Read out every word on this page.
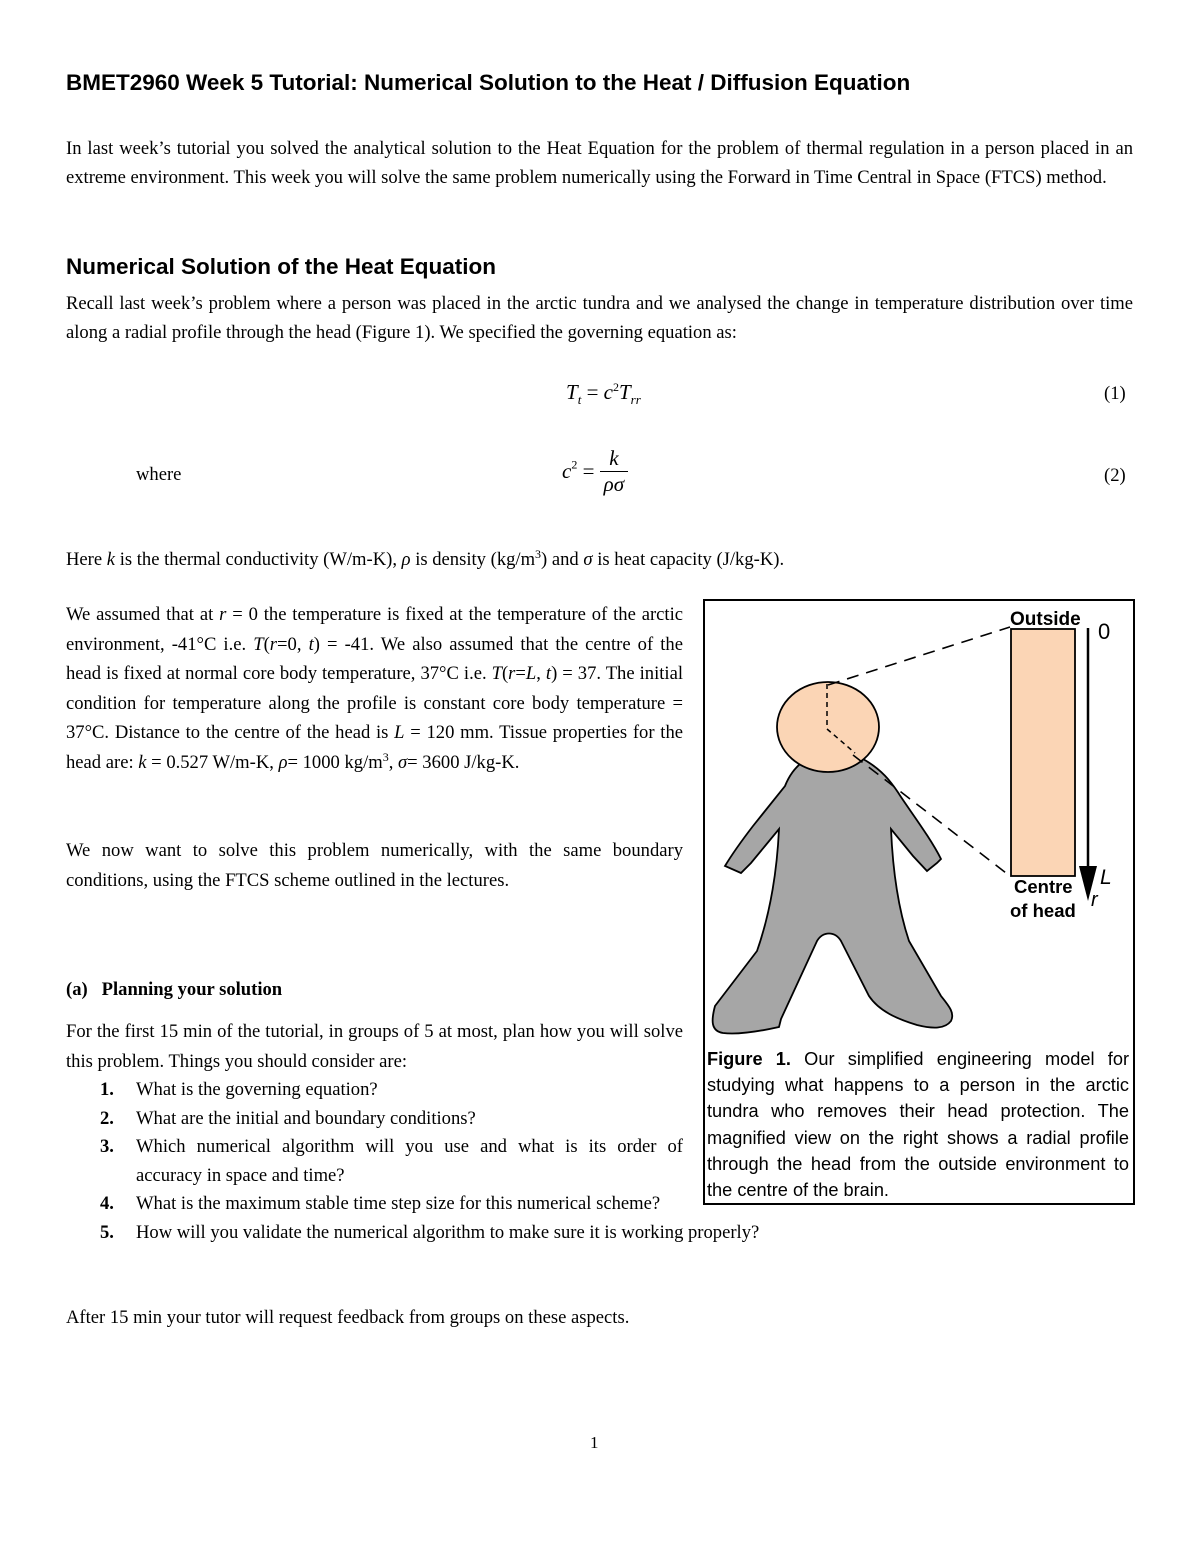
BMET2960 Week 5 Tutorial: Numerical Solution to the Heat / Diffusion Equation

In last week’s tutorial you solved the analytical solution to the Heat Equation for the problem of thermal regulation in a person placed in an extreme environment. This week you will solve the same problem numerically using the Forward in Time Central in Space (FTCS) method.

Numerical Solution of the Heat Equation

Recall last week’s problem where a person was placed in the arctic tundra and we analysed the change in temperature distribution over time along a radial profile through the head (Figure 1). We specified the governing equation as:

$T_t = c^2T_{rr}$	(1)
where	$c^2 = \frac{k}{\rho\sigma}$	(2)

Here k is the thermal conductivity (W/m-K), ρ is density $(kg/m^3)$ and σ is heat capacity (J/kg-K).

We assumed that at r = 0 the temperature is fixed at the temperature of the arctic environment, -41°C i.e. T(r=0, t) = -41. We also assumed that the centre of the head is fixed at normal core body temperature, 37°C i.e. T(r=L, t) = 37. The initial condition for temperature along the profile is constant core body temperature = 37°C. Distance to the centre of the head is L = 120 mm. Tissue properties for the head are: k = 0.527 W/m-K, ρ= 1000 $kg/m^3$, σ= 3600 J/kg-K.

We now want to solve this problem numerically, with the same boundary conditions, using the FTCS scheme outlined in the lectures.

(a) Planning your solution

For the first 15 min of the tutorial, in groups of 5 at most, plan how you will solve this problem. Things you should consider are:

1. What is the governing equation?
2. What are the initial and boundary conditions?
3. Which numerical algorithm will you use and what is its order of accuracy in space and time?
4. What is the maximum stable time step size for this numerical scheme?
5. How will you validate the numerical algorithm to make sure it is working properly?

After 15 min your tutor will request feedback from groups on these aspects.

Outside 0
L
r
Centre
of head

Figure 1. Our simplified engineering model for studying what happens to a person in the arctic tundra who removes their head protection. The magnified view on the right shows a radial profile through the head from the outside environment to the centre of the brain.

1
